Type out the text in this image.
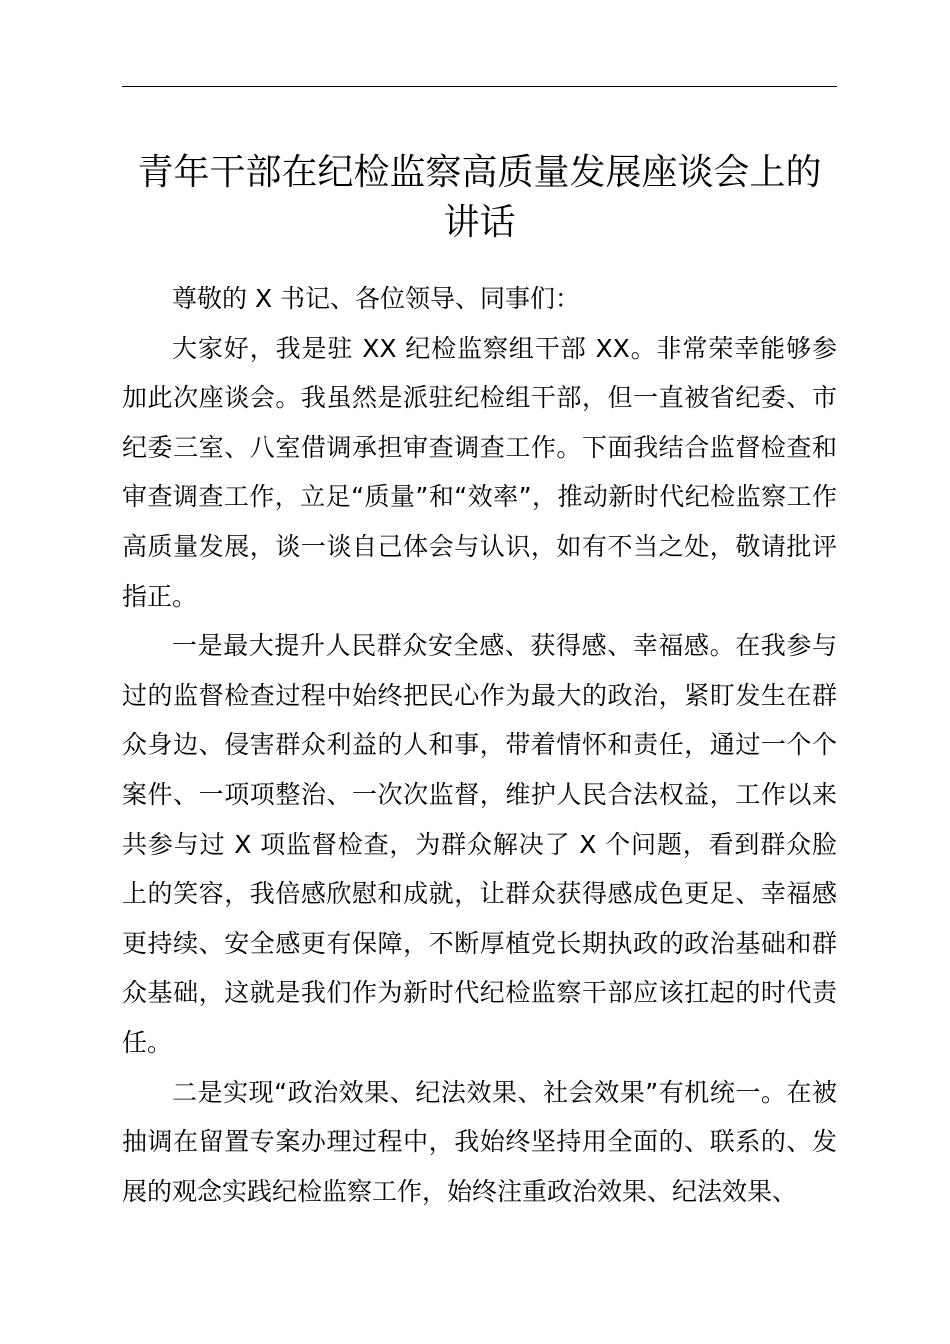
青年干部在纪检监察高质量发展座谈会上的讲话

尊敬的 X 书记、各位领导、同事们：

大家好，我是驻 XX 纪检监察组干部 XX。非常荣幸能够参加此次座谈会。我虽然是派驻纪检组干部，但一直被省纪委、市纪委三室、八室借调承担审查调查工作。下面我结合监督检查和审查调查工作，立足“质量”和“效率”，推动新时代纪检监察工作高质量发展，谈一谈自己体会与认识，如有不当之处，敬请批评指正。

一是最大提升人民群众安全感、获得感、幸福感。在我参与过的监督检查过程中始终把民心作为最大的政治，紧盯发生在群众身边、侵害群众利益的人和事，带着情怀和责任，通过一个个案件、一项项整治、一次次监督，维护人民合法权益，工作以来共参与过 X 项监督检查，为群众解决了 X 个问题，看到群众脸上的笑容，我倍感欣慰和成就，让群众获得感成色更足、幸福感更持续、安全感更有保障，不断厚植党长期执政的政治基础和群众基础，这就是我们作为新时代纪检监察干部应该扛起的时代责任。

二是实现“政治效果、纪法效果、社会效果”有机统一。在被抽调在留置专案办理过程中，我始终坚持用全面的、联系的、发展的观念实践纪检监察工作，始终注重政治效果、纪法效果、
